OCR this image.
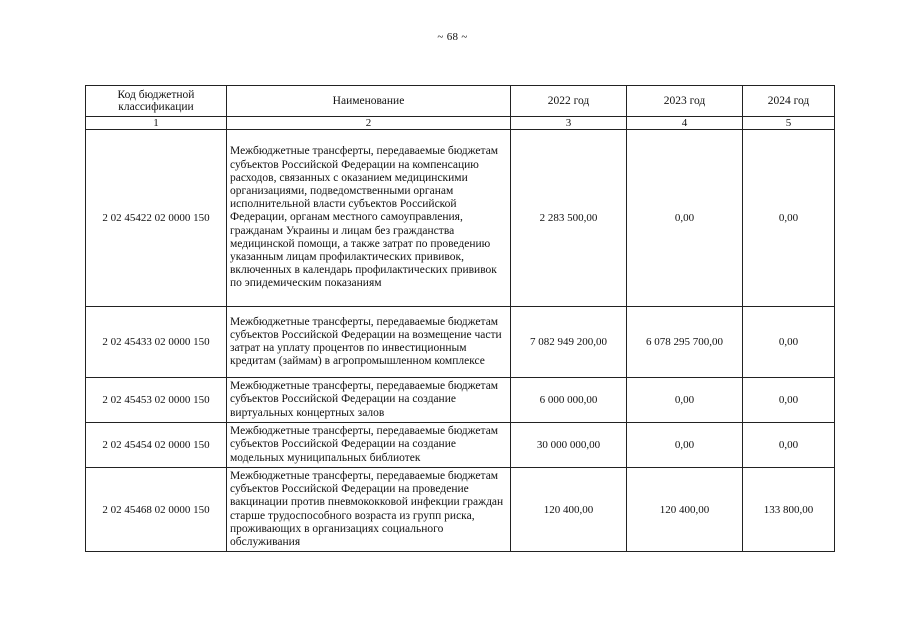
~ 68 ~
Код бюджетной классификации	Наименование	2022 год	2023 год	2024 год
1	2	3	4	5
2 02 45422 02 0000 150	Межбюджетные трансферты, передаваемые бюджетам субъектов Российской Федерации на компенсацию расходов, связанных с оказанием медицинскими организациями, подведомственными органам исполнительной власти субъектов Российской Федерации, органам местного самоуправления, гражданам Украины и лицам без гражданства медицинской помощи, а также затрат по проведению указанным лицам профилактических прививок, включенных в календарь профилактических прививок по эпидемическим показаниям	2 283 500,00	0,00	0,00
2 02 45433 02 0000 150	Межбюджетные трансферты, передаваемые бюджетам субъектов Российской Федерации на возмещение части затрат на уплату процентов по инвестиционным кредитам (займам) в агропромышленном комплексе	7 082 949 200,00	6 078 295 700,00	0,00
2 02 45453 02 0000 150	Межбюджетные трансферты, передаваемые бюджетам субъектов Российской Федерации на создание виртуальных концертных залов	6 000 000,00	0,00	0,00
2 02 45454 02 0000 150	Межбюджетные трансферты, передаваемые бюджетам субъектов Российской Федерации на создание модельных муниципальных библиотек	30 000 000,00	0,00	0,00
2 02 45468 02 0000 150	Межбюджетные трансферты, передаваемые бюджетам субъектов Российской Федерации на проведение вакцинации против пневмококковой инфекции граждан старше трудоспособного возраста из групп риска, проживающих в организациях социального обслуживания	120 400,00	120 400,00	133 800,00
